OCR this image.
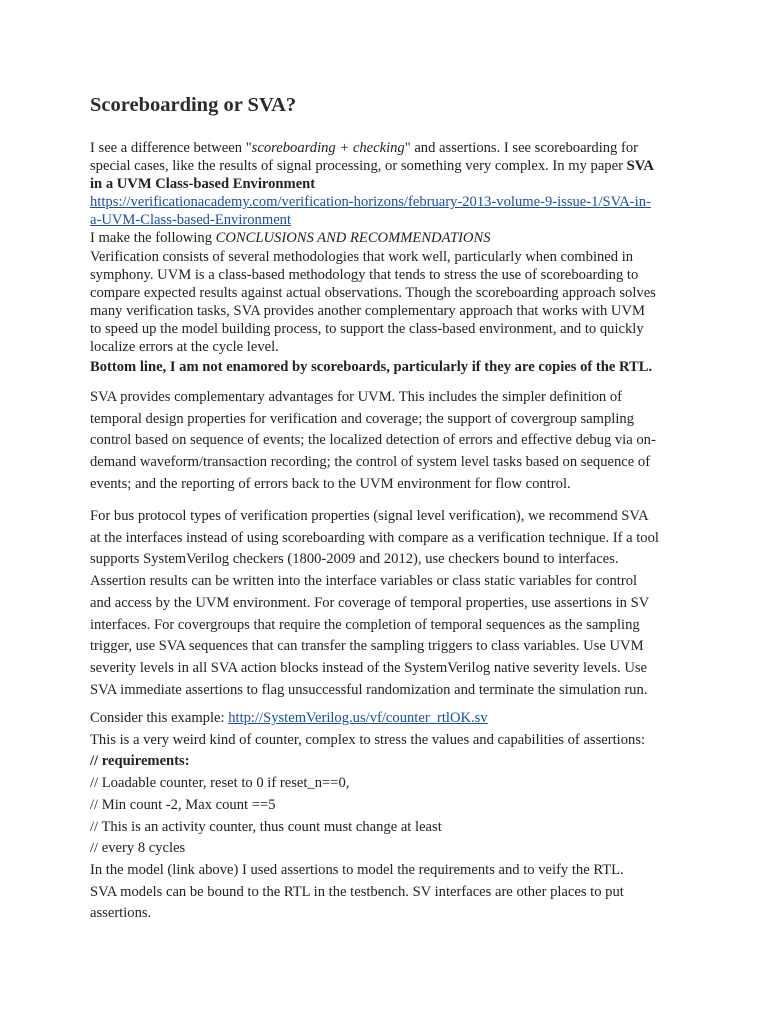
Scoreboarding or SVA?
I see a difference between "scoreboarding + checking" and assertions. I see scoreboarding for
special cases, like the results of signal processing, or something very complex. In my paper SVA
in a UVM Class-based Environment
https://verificationacademy.com/verification-horizons/february-2013-volume-9-issue-1/SVA-in-
a-UVM-Class-based-Environment
I make the following CONCLUSIONS AND RECOMMENDATIONS
Verification consists of several methodologies that work well, particularly when combined in
symphony. UVM is a class-based methodology that tends to stress the use of scoreboarding to
compare expected results against actual observations. Though the scoreboarding approach solves
many verification tasks, SVA provides another complementary approach that works with UVM
to speed up the model building process, to support the class-based environment, and to quickly
localize errors at the cycle level.
Bottom line, I am not enamored by scoreboards, particularly if they are copies of the RTL.
SVA provides complementary advantages for UVM. This includes the simpler definition of
temporal design properties for verification and coverage; the support of covergroup sampling
control based on sequence of events; the localized detection of errors and effective debug via on-
demand waveform/transaction recording; the control of system level tasks based on sequence of
events; and the reporting of errors back to the UVM environment for flow control.
For bus protocol types of verification properties (signal level verification), we recommend SVA
at the interfaces instead of using scoreboarding with compare as a verification technique. If a tool
supports SystemVerilog checkers (1800-2009 and 2012), use checkers bound to interfaces.
Assertion results can be written into the interface variables or class static variables for control
and access by the UVM environment. For coverage of temporal properties, use assertions in SV
interfaces. For covergroups that require the completion of temporal sequences as the sampling
trigger, use SVA sequences that can transfer the sampling triggers to class variables. Use UVM
severity levels in all SVA action blocks instead of the SystemVerilog native severity levels. Use
SVA immediate assertions to flag unsuccessful randomization and terminate the simulation run.
Consider this example: http://SystemVerilog.us/vf/counter_rtlOK.sv
This is a very weird kind of counter, complex to stress the values and capabilities of assertions:
// requirements:
// Loadable counter, reset to 0 if reset_n==0,
// Min count -2, Max count ==5
// This is an activity counter, thus count must change at least
// every 8 cycles
In the model (link above) I used assertions to model the requirements and to veify the RTL.
SVA models can be bound to the RTL in the testbench. SV interfaces are other places to put
assertions.
